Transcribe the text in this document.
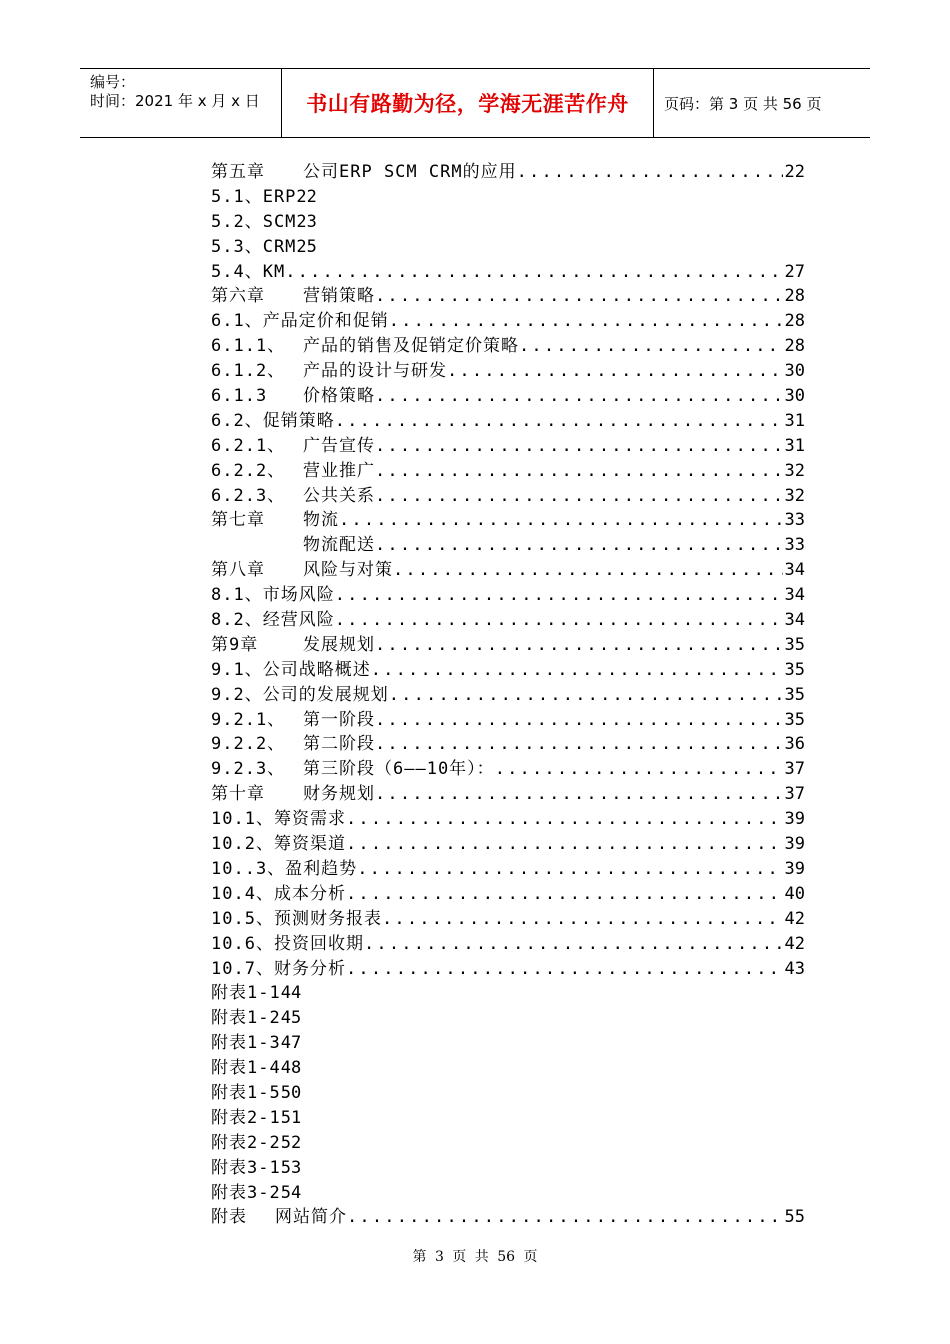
编号：
时间：2021 年 x 月 x 日	书山有路勤为径，学海无涯苦作舟	页码：第 3 页 共 56 页
第五章 公司ERP SCM CRM的应用 .....	22
5.1、ERP 22
5.2、SCM 23
5.3、CRM 25
5.4、KM .....	27
第六章 营销策略 .....	28
6.1、产品定价和促销 .....	28
6.1.1、 产品的销售及促销定价策略 .....	28
6.1.2、 产品的设计与研发 .....	30
6.1.3 价格策略 .....	30
6.2、促销策略 .....	31
6.2.1、 广告宣传 .....	31
6.2.2、 营业推广 .....	32
6.2.3、 公共关系 .....	32
第七章 物流 .....	33
物流配送 .....	33
第八章 风险与对策 .....	34
8.1、市场风险 .....	34
8.2、经营风险 .....	34
第9章	发展规划 .....	35
9.1、公司战略概述 .....	35
9.2、公司的发展规划 .....	35
9.2.1、 第一阶段 .....	35
9.2.2、 第二阶段 .....	36
9.2.3、 第三阶段（6——10年）： .....	37
第十章 财务规划 .....	37
10.1、筹资需求 .....	39
10.2、筹资渠道 .....	39
10..3、盈利趋势 .....	39
10.4、成本分析 .....	40
10.5、预测财务报表 .....	42
10.6、投资回收期 .....	42
10.7、财务分析 .....	43
附表1-1 44
附表1-2 45
附表1-3 47
附表1-4 48
附表1-5 50
附表2-1 51
附表2-2 52
附表3-1 53
附表3-2 54
附表 网站简介 .....	55
第 3 页 共 56 页
